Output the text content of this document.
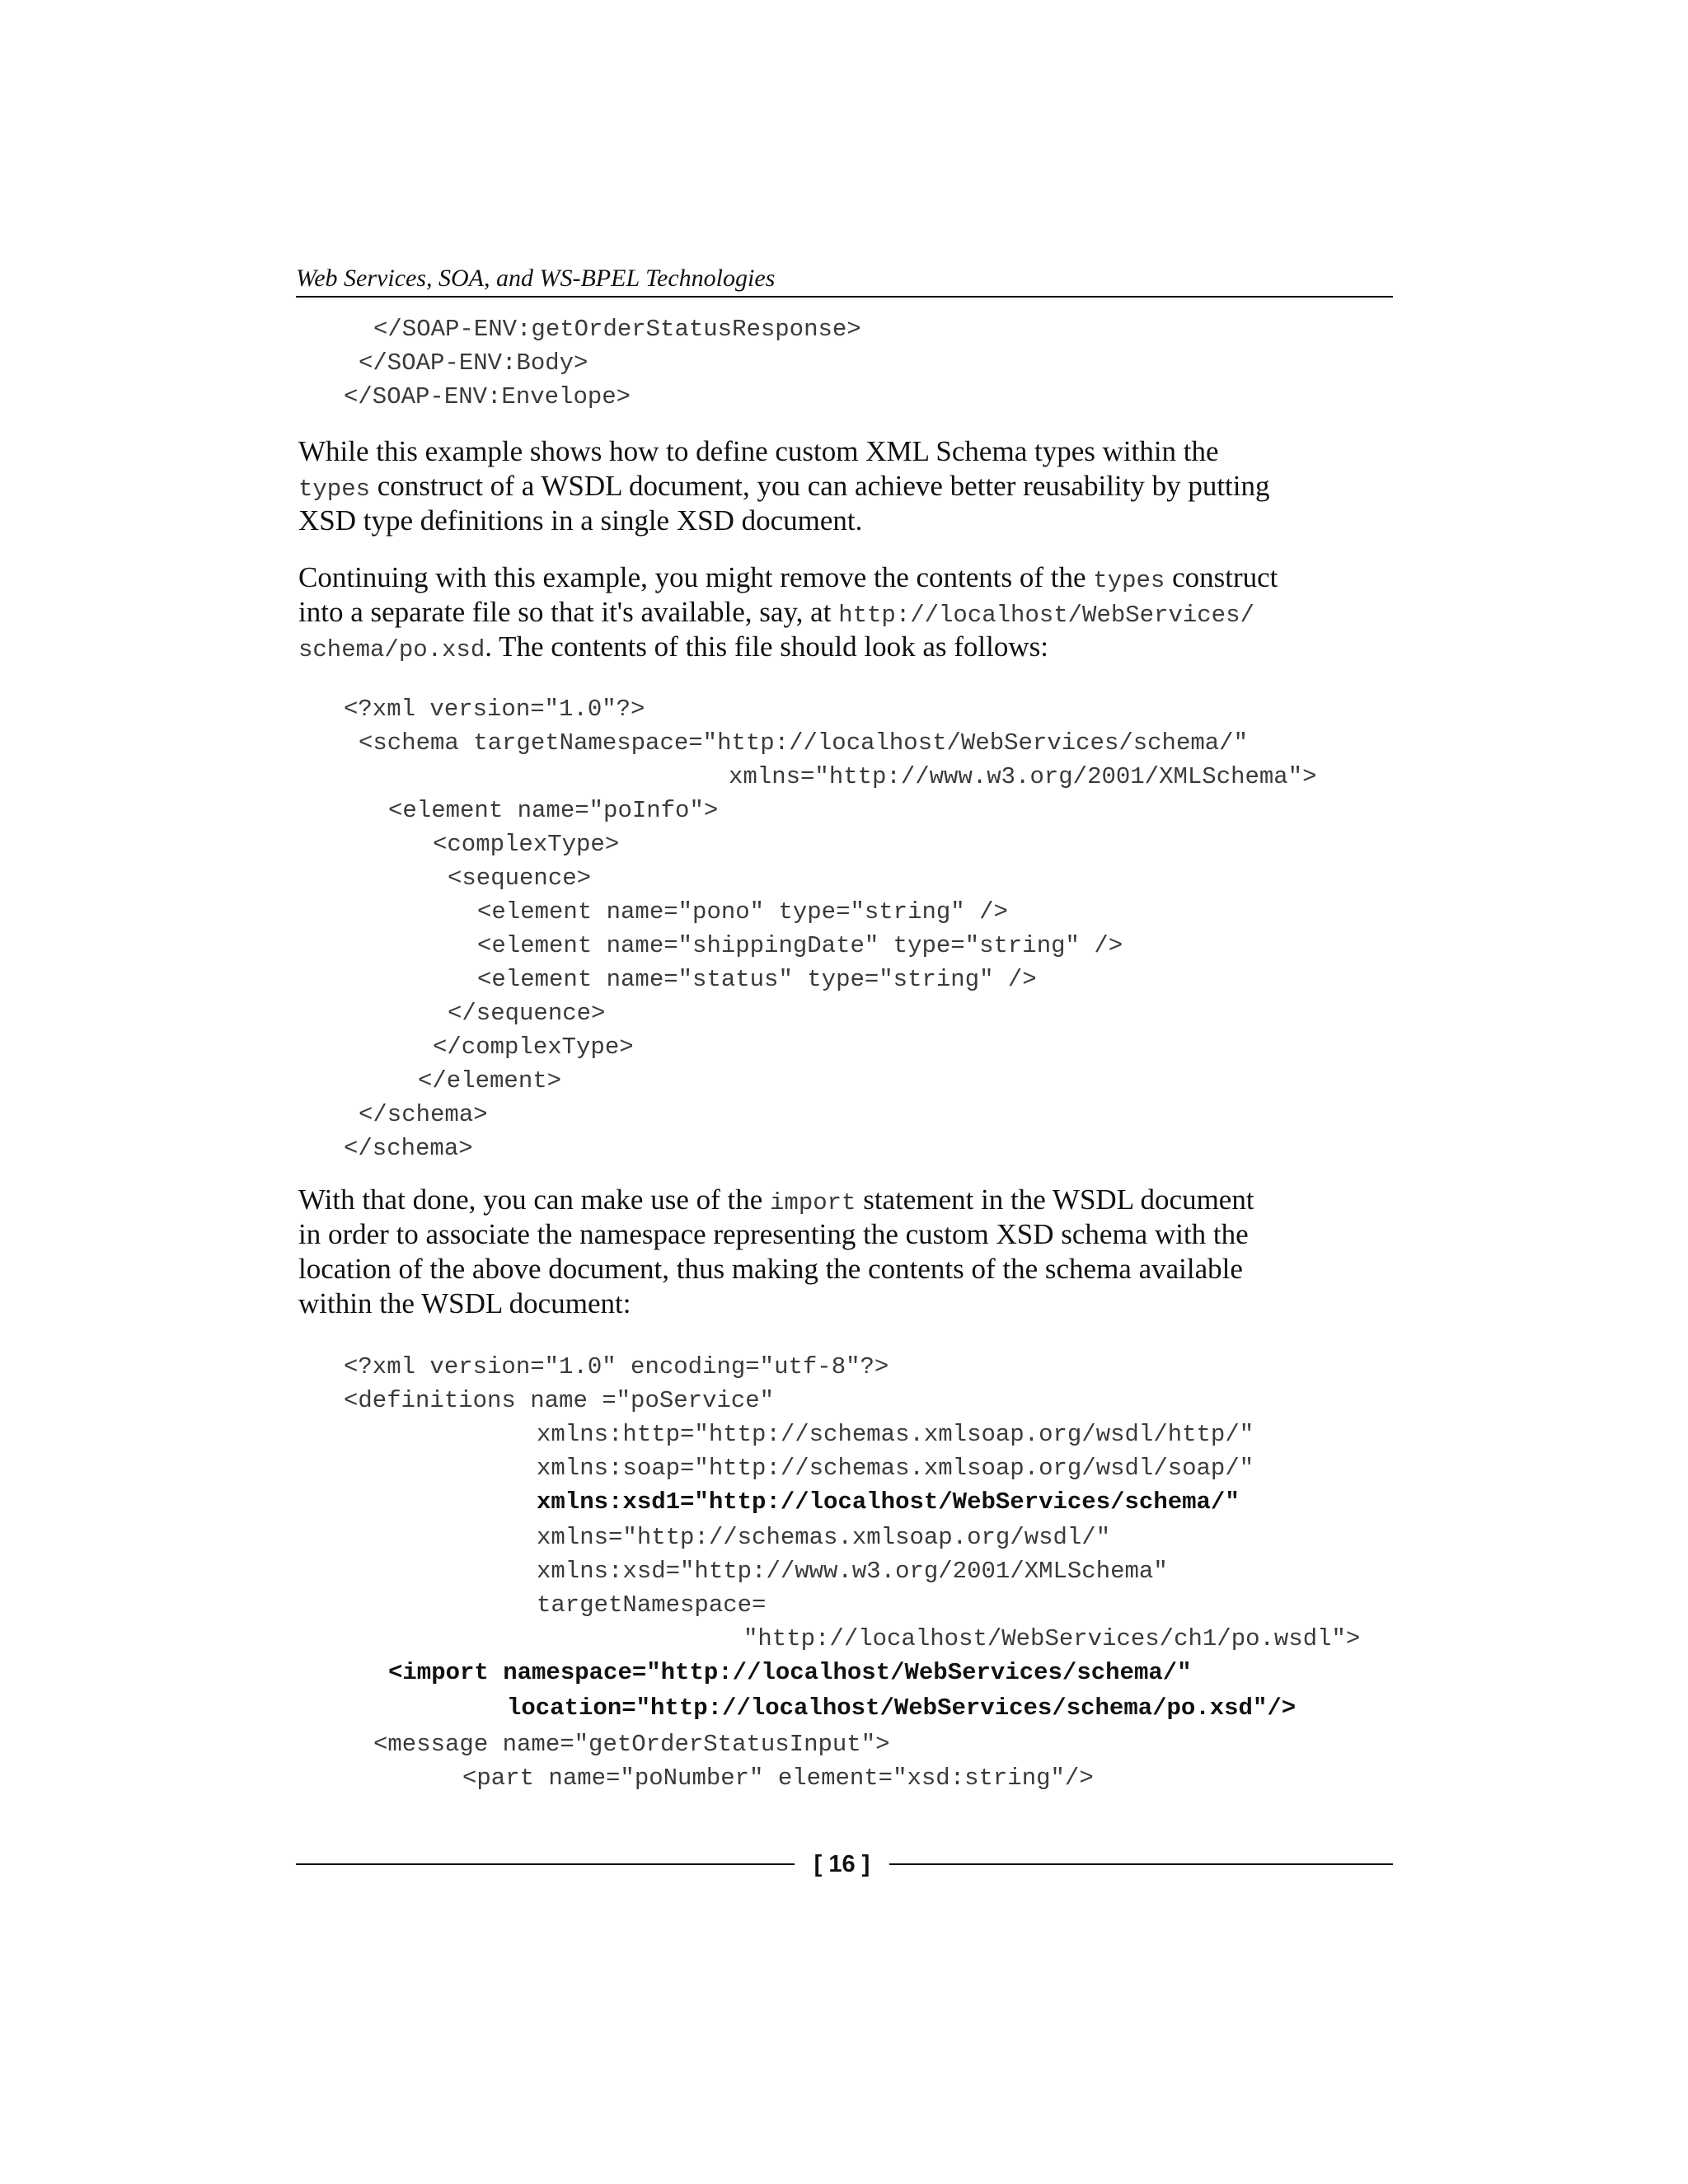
Web Services, SOA, and WS-BPEL Technologies
</SOAP-ENV:getOrderStatusResponse>
</SOAP-ENV:Body>
</SOAP-ENV:Envelope>
While this example shows how to define custom XML Schema types within the
types construct of a WSDL document, you can achieve better reusability by putting
XSD type definitions in a single XSD document.
Continuing with this example, you might remove the contents of the types construct
into a separate file so that it's available, say, at http://localhost/WebServices/
schema/po.xsd. The contents of this file should look as follows:
<?xml version="1.0"?>
<schema targetNamespace="http://localhost/WebServices/schema/"
xmlns="http://www.w3.org/2001/XMLSchema">
<element name="poInfo">
<complexType>
<sequence>
<element name="pono" type="string" />
<element name="shippingDate" type="string" />
<element name="status" type="string" />
</sequence>
</complexType>
</element>
</schema>
</schema>
With that done, you can make use of the import statement in the WSDL document
in order to associate the namespace representing the custom XSD schema with the
location of the above document, thus making the contents of the schema available
within the WSDL document:
<?xml version="1.0" encoding="utf-8"?>
<definitions name ="poService"
xmlns:http="http://schemas.xmlsoap.org/wsdl/http/"
xmlns:soap="http://schemas.xmlsoap.org/wsdl/soap/"
xmlns:xsd1="http://localhost/WebServices/schema/"
xmlns="http://schemas.xmlsoap.org/wsdl/"
xmlns:xsd="http://www.w3.org/2001/XMLSchema"
targetNamespace=
"http://localhost/WebServices/ch1/po.wsdl">
<import namespace="http://localhost/WebServices/schema/"
location="http://localhost/WebServices/schema/po.xsd"/>
<message name="getOrderStatusInput">
<part name="poNumber" element="xsd:string"/>
[ 16 ]
